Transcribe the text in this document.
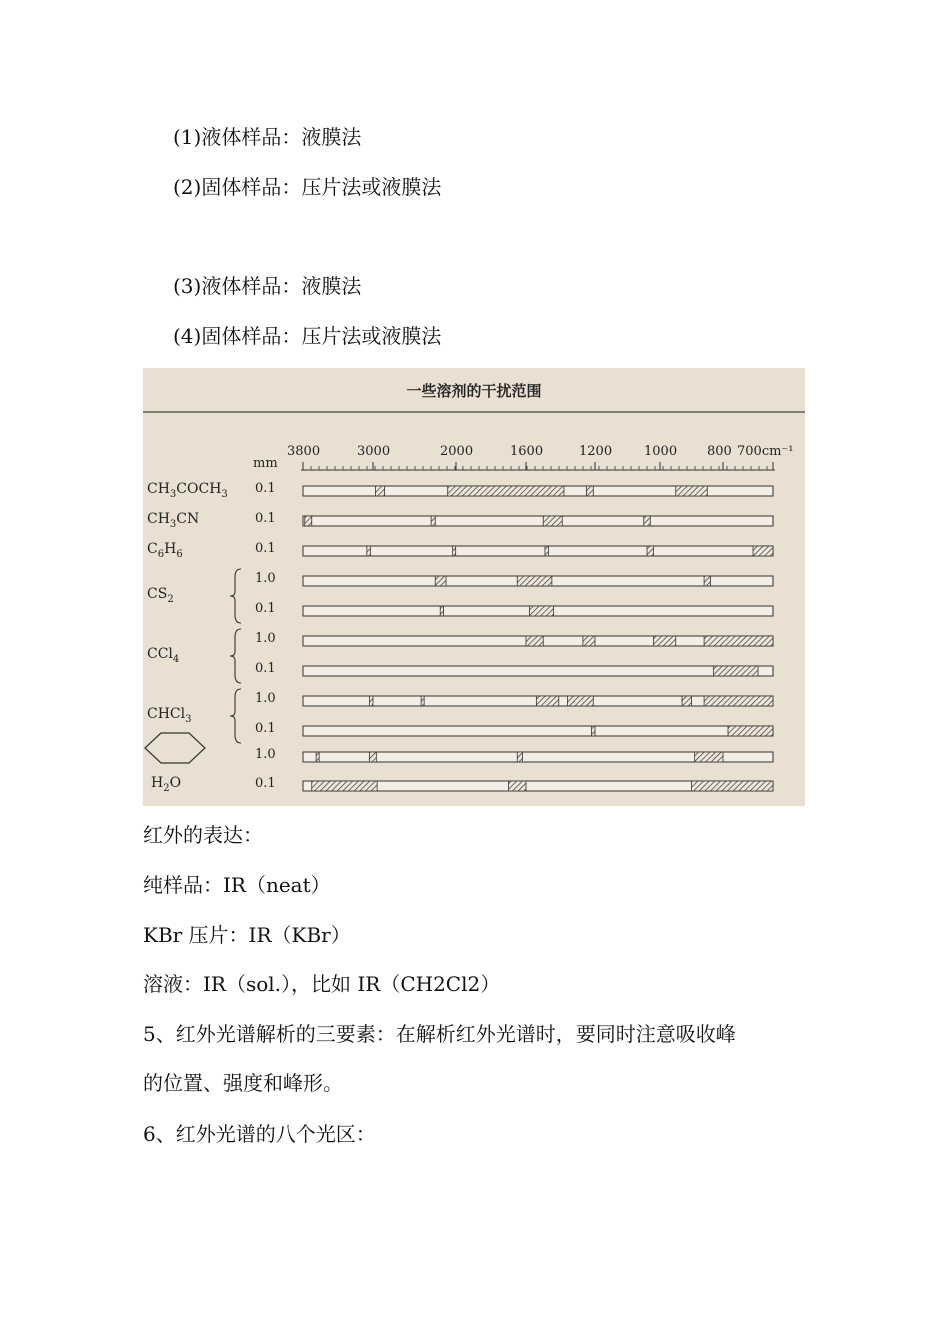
(1)液体样品：液膜法
(2)固体样品：压片法或液膜法
(3)液体样品：液膜法
(4)固体样品：压片法或液膜法
一些溶剂的干扰范围
3800	3000	2000	1600	1200 1000 800 700cm⁻¹
mm
0.1
$CH_3COCH_3$
0.1
$CH_3CN$
0.1
$C_6H_6$
1.0
0.1
$CS_2$
1.0
0.1
CCl$_4$
1.0
0.1
CHCl$_3$
1.0
0.1
$H_2O$
红外的表达：
纯样品：IR（neat）
KBr 压片：IR（KBr）
溶液：IR（sol.），比如 IR（CH2Cl2）
5、红外光谱解析的三要素：在解析红外光谱时，要同时注意吸收峰
的位置、强度和峰形。
6、红外光谱的八个光区：
